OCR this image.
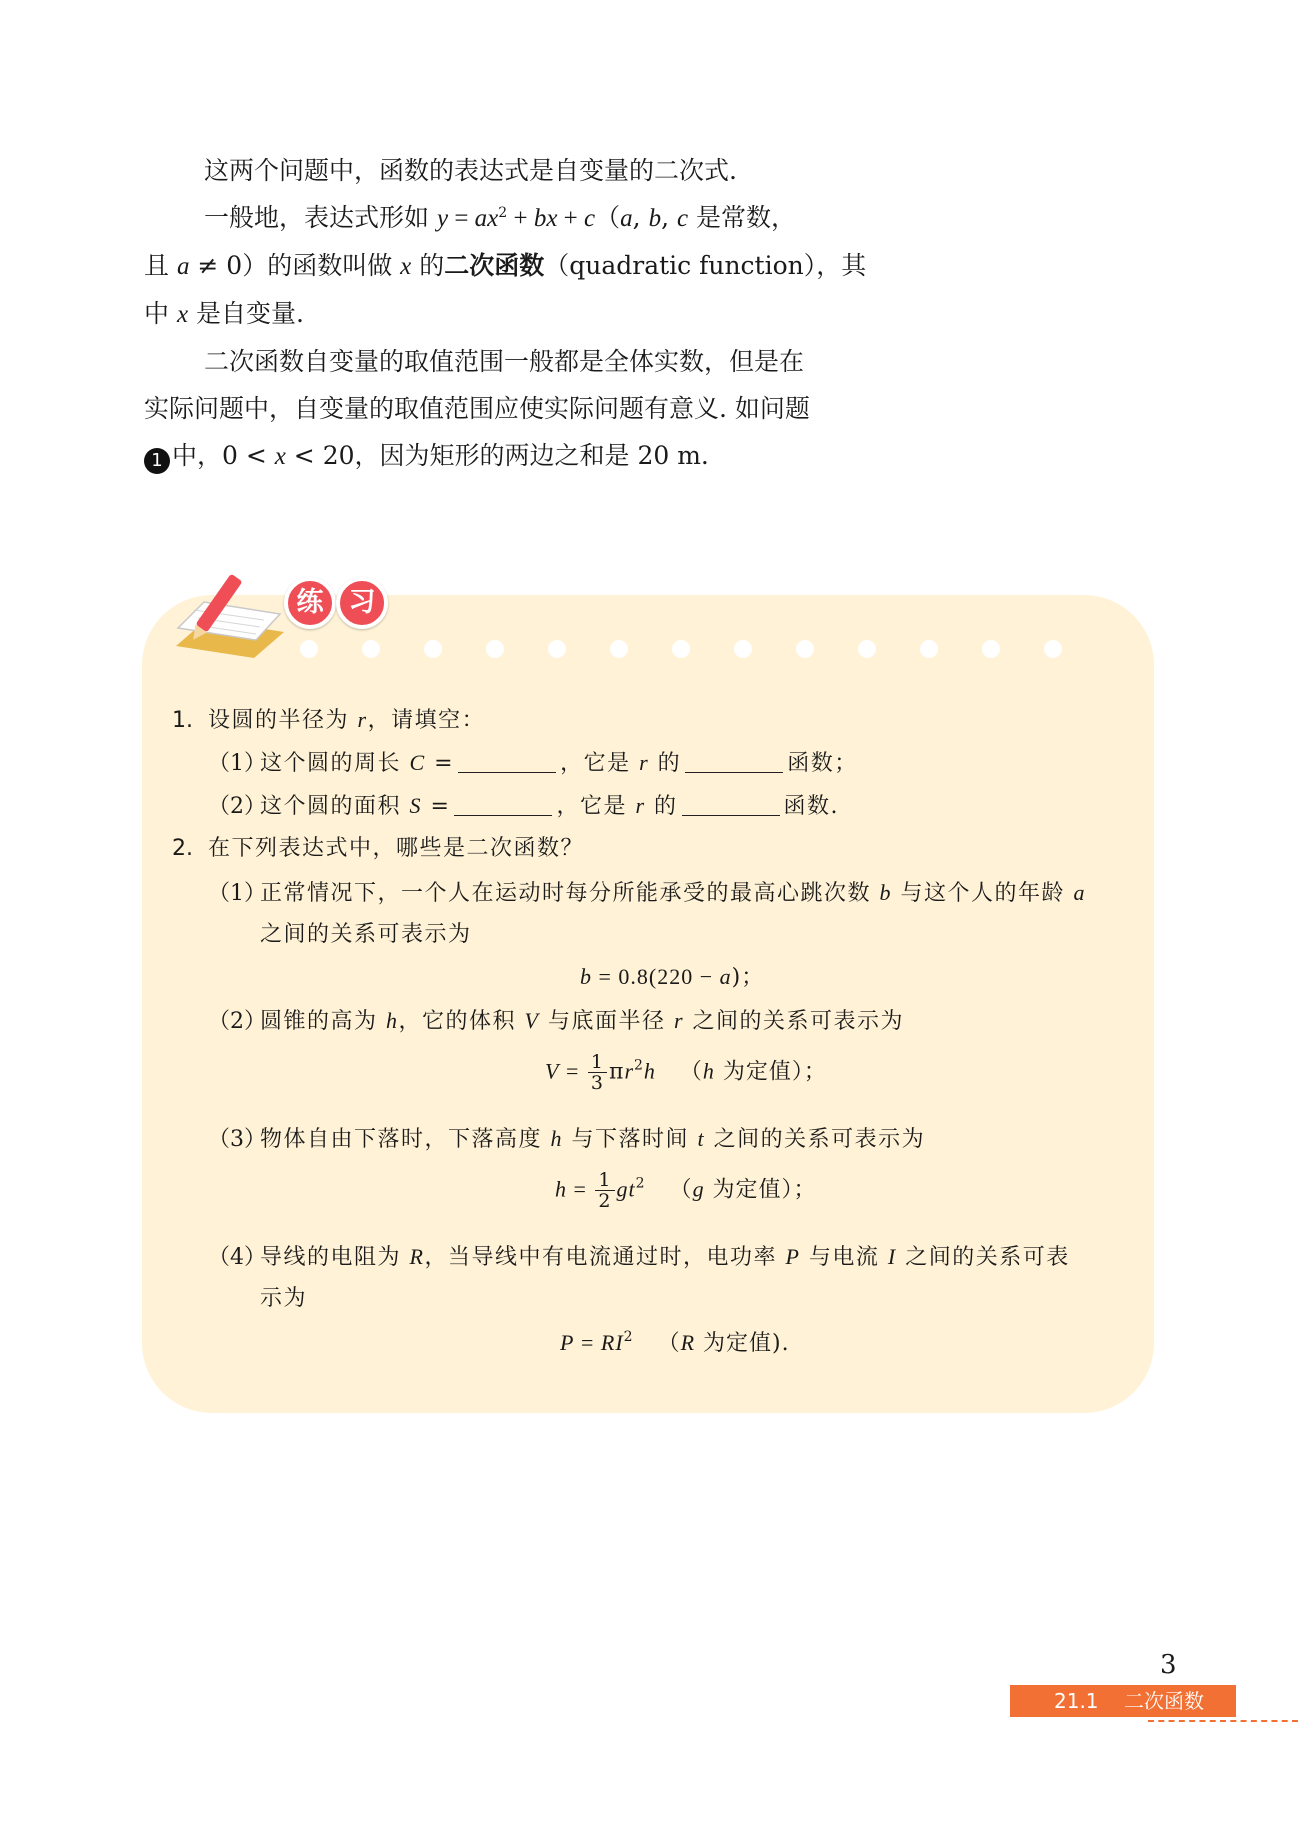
这两个问题中，函数的表达式是自变量的二次式.

一般地，表达式形如 $y = ax^2$ + bx + c（a, b, c 是常数，
且 a ≠ 0）的函数叫做 x 的二次函数（quadratic function），其
中 x 是自变量.

二次函数自变量的取值范围一般都是全体实数，但是在

实际问题中，自变量的取值范围应使实际问题有意义. 如问题
1 中，0 < x < 20，因为矩形的两边之和是 20 m.

练 习
1. 设圆的半径为 r，请填空：
（1）这个圆的周长 C =	，它是 r 的	函数；
（2）这个圆的面积 S =	，它是 r 的	函数.
2. 在下列表达式中，哪些是二次函数？
（1）正常情况下，一个人在运动时每分所能承受的最高心跳次数 b 与这个人的年龄 a
之间的关系可表示为
b = 0.8(220 − a)；
（2）圆锥的高为 h，它的体积 V 与底面半径 r 之间的关系可表示为
$V = \frac{1}{3} \pi r^2h$ （h 为定值）；
（3）物体自由下落时，下落高度 h 与下落时间 t 之间的关系可表示为
$h = \frac{1}{2} gt^2$ （g 为定值）；
（4）导线的电阻为 R，当导线中有电流通过时，电功率 P 与电流 I 之间的关系可表
示为
$P = RI^2$ （R 为定值).
3
21.1 二次函数
